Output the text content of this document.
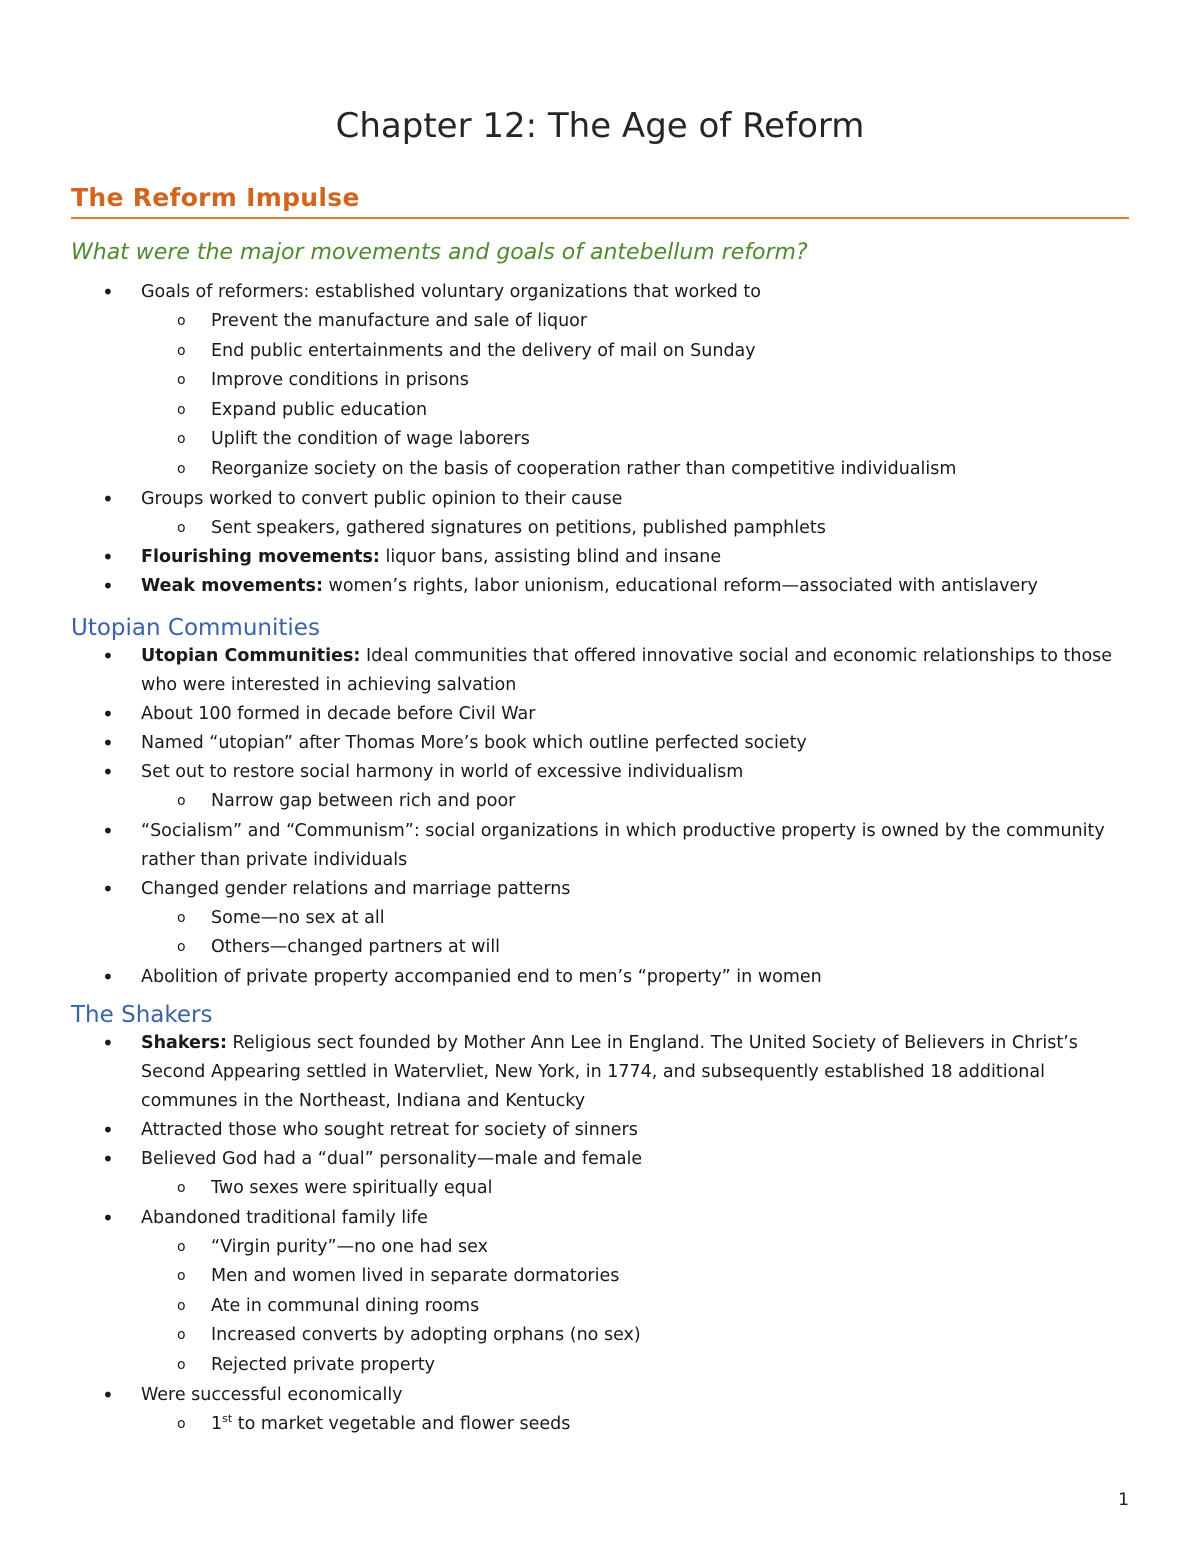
Chapter 12: The Age of Reform
The Reform Impulse
What were the major movements and goals of antebellum reform?
• Goals of reformers: established voluntary organizations that worked to
o Prevent the manufacture and sale of liquor
o End public entertainments and the delivery of mail on Sunday
o Improve conditions in prisons
o Expand public education
o Uplift the condition of wage laborers
o Reorganize society on the basis of cooperation rather than competitive individualism
• Groups worked to convert public opinion to their cause
o Sent speakers, gathered signatures on petitions, published pamphlets
• Flourishing movements: liquor bans, assisting blind and insane
• Weak movements: women’s rights, labor unionism, educational reform—associated with antislavery
Utopian Communities
• Utopian Communities: Ideal communities that offered innovative social and economic relationships to those who were interested in achieving salvation
• About 100 formed in decade before Civil War
• Named “utopian” after Thomas More’s book which outline perfected society
• Set out to restore social harmony in world of excessive individualism
o Narrow gap between rich and poor
• “Socialism” and “Communism”: social organizations in which productive property is owned by the community rather than private individuals
• Changed gender relations and marriage patterns
o Some—no sex at all
o Others—changed partners at will
• Abolition of private property accompanied end to men’s “property” in women
The Shakers
• Shakers: Religious sect founded by Mother Ann Lee in England. The United Society of Believers in Christ’s Second Appearing settled in Watervliet, New York, in 1774, and subsequently established 18 additional communes in the Northeast, Indiana and Kentucky
• Attracted those who sought retreat for society of sinners
• Believed God had a “dual” personality—male and female
o Two sexes were spiritually equal
• Abandoned traditional family life
o “Virgin purity”—no one had sex
o Men and women lived in separate dormatories
o Ate in communal dining rooms
o Increased converts by adopting orphans (no sex)
o Rejected private property
• Were successful economically
o 1st to market vegetable and flower seeds
1
